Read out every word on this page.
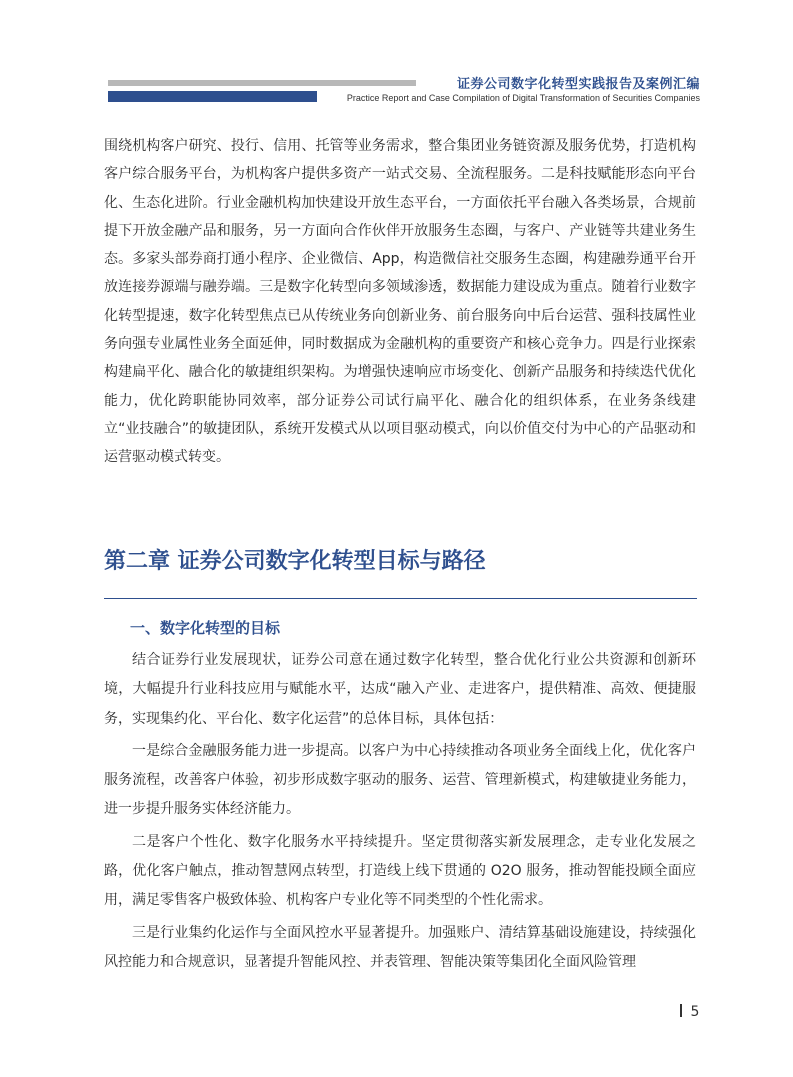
证券公司数字化转型实践报告及案例汇编
Practice Report and Case Compilation of Digital Transformation of Securities Companies

围绕机构客户研究、投行、信用、托管等业务需求，整合集团业务链资源及服务优势，打造机构客户综合服务平台，为机构客户提供多资产一站式交易、全流程服务。二是科技赋能形态向平台化、生态化进阶。行业金融机构加快建设开放生态平台，一方面依托平台融入各类场景，合规前提下开放金融产品和服务，另一方面向合作伙伴开放服务生态圈，与客户、产业链等共建业务生态。多家头部券商打通小程序、企业微信、App，构造微信社交服务生态圈，构建融券通平台开放连接券源端与融券端。三是数字化转型向多领域渗透，数据能力建设成为重点。随着行业数字化转型提速，数字化转型焦点已从传统业务向创新业务、前台服务向中后台运营、强科技属性业务向强专业属性业务全面延伸，同时数据成为金融机构的重要资产和核心竞争力。四是行业探索构建扁平化、融合化的敏捷组织架构。为增强快速响应市场变化、创新产品服务和持续迭代优化能力，优化跨职能协同效率，部分证券公司试行扁平化、融合化的组织体系，在业务条线建立“业技融合”的敏捷团队，系统开发模式从以项目驱动模式，向以价值交付为中心的产品驱动和运营驱动模式转变。

第二章 证券公司数字化转型目标与路径
一、数字化转型的目标

结合证券行业发展现状，证券公司意在通过数字化转型，整合优化行业公共资源和创新环境，大幅提升行业科技应用与赋能水平，达成“融入产业、走进客户，提供精准、高效、便捷服务，实现集约化、平台化、数字化运营”的总体目标，具体包括：

一是综合金融服务能力进一步提高。以客户为中心持续推动各项业务全面线上化，优化客户服务流程，改善客户体验，初步形成数字驱动的服务、运营、管理新模式，构建敏捷业务能力，进一步提升服务实体经济能力。

二是客户个性化、数字化服务水平持续提升。坚定贯彻落实新发展理念，走专业化发展之路，优化客户触点，推动智慧网点转型，打造线上线下贯通的 O2O 服务，推动智能投顾全面应用，满足零售客户极致体验、机构客户专业化等不同类型的个性化需求。

三是行业集约化运作与全面风控水平显著提升。加强账户、清结算基础设施建设，持续强化风控能力和合规意识，显著提升智能风控、并表管理、智能决策等集团化全面风险管理

5
